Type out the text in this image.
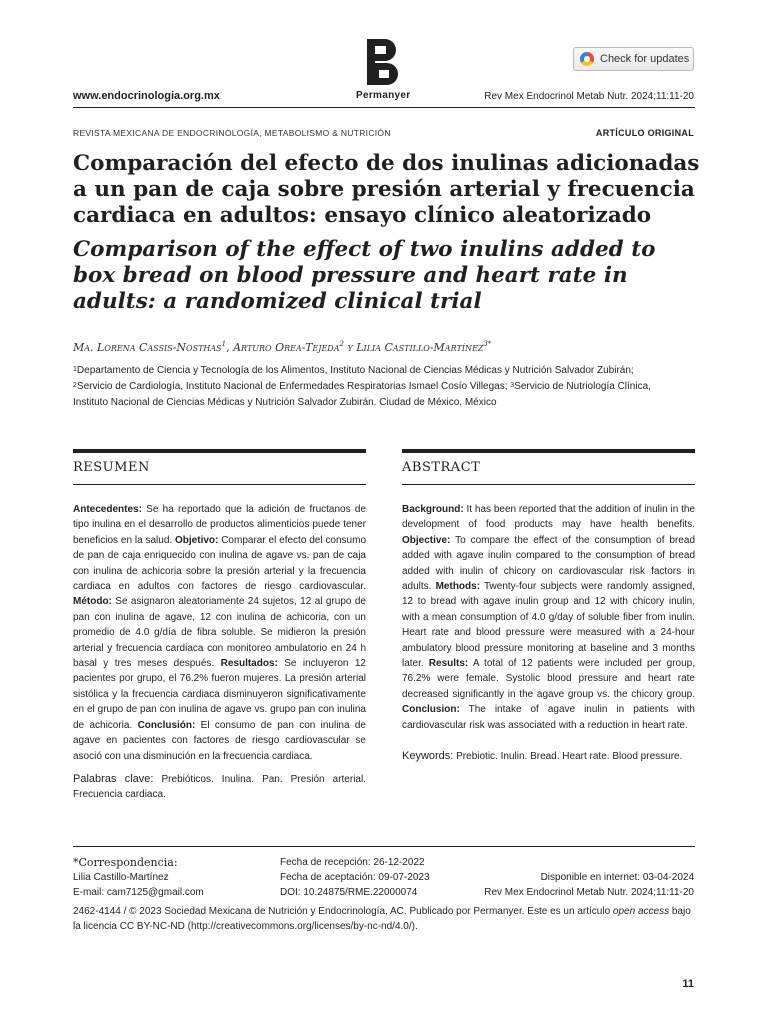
Permanyer
Check for updates
www.endocrinologia.org.mx	Rev Mex Endocrinol Metab Nutr. 2024;11:11-20
REVISTA MEXICANA DE ENDOCRINOLOGÍA, METABOLISMO & NUTRICIÓN	ARTÍCULO ORIGINAL
Comparación del efecto de dos inulinas adicionadas a un pan de caja sobre presión arterial y frecuencia cardiaca en adultos: ensayo clínico aleatorizado
Comparison of the effect of two inulins added to box bread on blood pressure and heart rate in adults: a randomized clinical trial
Ma. Lorena Cassis-Nosthas$^1$, Arturo Orea-Tejeda$^2$ y Lilia Castillo-Martínez$^{3*}$
$^1$Departamento de Ciencia y Tecnología de los Alimentos, Instituto Nacional de Ciencias Médicas y Nutrición Salvador Zubirán;
$^2$Servicio de Cardiología, Instituto Nacional de Enfermedades Respiratorias Ismael Cosío Villegas; $^3$Servicio de Nutriología Clínica,
Instituto Nacional de Ciencias Médicas y Nutrición Salvador Zubirán. Ciudad de México, México
RESUMEN
Antecedentes: Se ha reportado que la adición de fructanos de tipo inulina en el desarrollo de productos alimenticios puede tener beneficios en la salud. Objetivo: Comparar el efecto del consumo de pan de caja enriquecido con inulina de agave vs. pan de caja con inulina de achicoria sobre la presión arterial y la frecuencia cardiaca en adultos con factores de riesgo cardiovascular. Método: Se asignaron aleatoriamente 24 sujetos, 12 al grupo de pan con inulina de agave, 12 con inulina de achicoria, con un promedio de 4.0 g/día de fibra soluble. Se midieron la presión arterial y frecuencia cardiaca con monitoreo ambulatorio en 24 h basal y tres meses después. Resultados: Se incluyeron 12 pacientes por grupo, el 76.2% fueron mujeres. La presión arterial sistólica y la frecuencia cardiaca disminuyeron significativamente en el grupo de pan con inulina de agave vs. grupo pan con inulina de achicoria. Conclusión: El consumo de pan con inulina de agave en pacientes con factores de riesgo cardiovascular se asoció con una disminución en la frecuencia cardiaca.
Palabras clave: Prebióticos. Inulina. Pan. Presión arterial. Frecuencia cardiaca.
ABSTRACT
Background: It has been reported that the addition of inulin in the development of food products may have health benefits. Objective: To compare the effect of the consumption of bread added with agave inulin compared to the consumption of bread added with inulin of chicory on cardiovascular risk factors in adults. Methods: Twenty-four subjects were randomly assigned, 12 to bread with agave inulin group and 12 with chicory inulin, with a mean consumption of 4.0 g/day of soluble fiber from inulin. Heart rate and blood pressure were measured with a 24-hour ambulatory blood pressure monitoring at baseline and 3 months later. Results: A total of 12 patients were included per group, 76.2% were female. Systolic blood pressure and heart rate decreased significantly in the agave group vs. the chicory group. Conclusion: The intake of agave inulin in patients with cardiovascular risk was associated with a reduction in heart rate.
Keywords: Prebiotic. Inulin. Bread. Heart rate. Blood pressure.
*Correspondencia:
Lilia Castillo-Martínez
E-mail: cam7125@gmail.com
Fecha de recepción: 26-12-2022
Fecha de aceptación: 09-07-2023
DOI: 10.24875/RME.22000074
Disponible en internet: 03-04-2024
Rev Mex Endocrinol Metab Nutr. 2024;11:11-20
2462-4144 / © 2023 Sociedad Mexicana de Nutrición y Endocrinología, AC. Publicado por Permanyer. Este es un artículo open access bajo la licencia CC BY-NC-ND (http://creativecommons.org/licenses/by-nc-nd/4.0/).
11
